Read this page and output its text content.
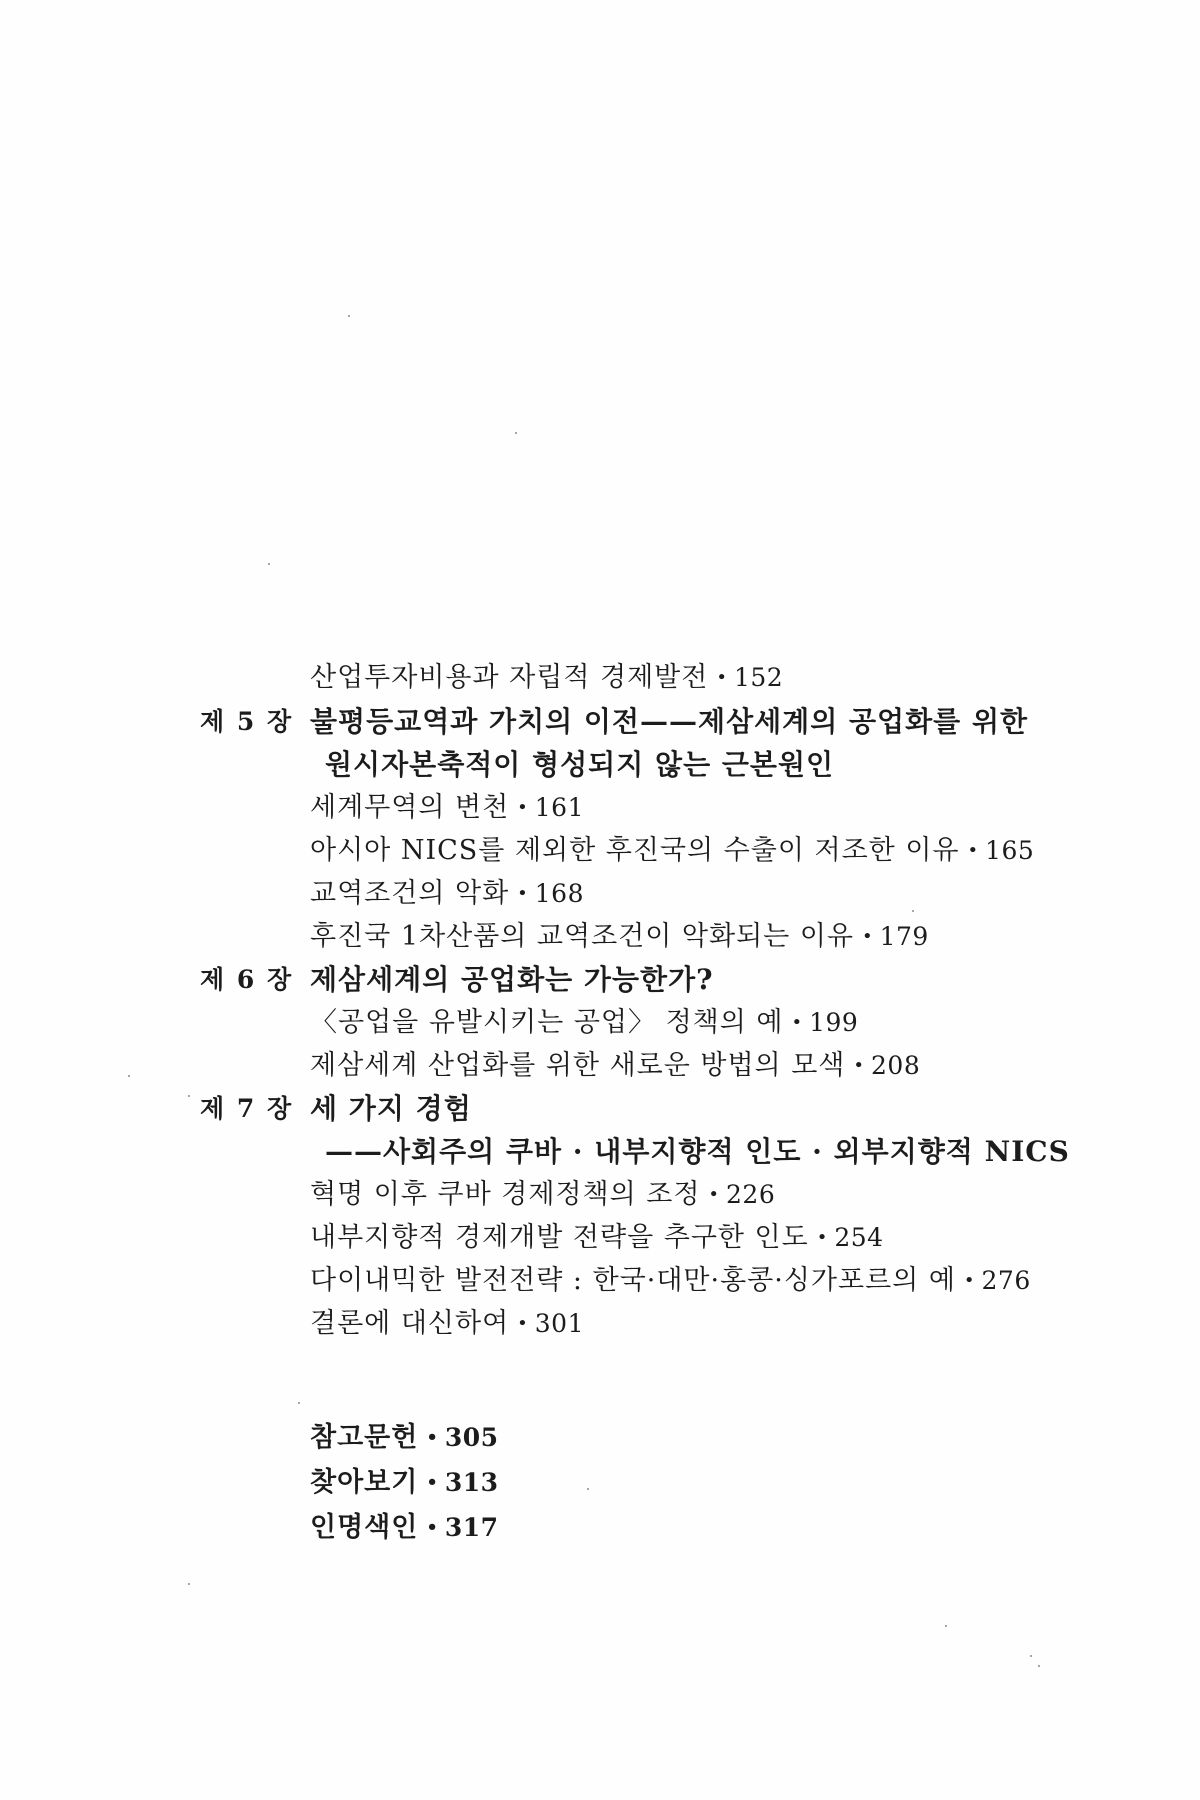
산업투자비용과 자립적 경제발전 • 152
제 5 장 불평등교역과 가치의 이전——제삼세계의 공업화를 위한
원시자본축적이 형성되지 않는 근본원인
세계무역의 변천 • 161
아시아 NICS를 제외한 후진국의 수출이 저조한 이유 • 165
교역조건의 악화 • 168
후진국 1차산품의 교역조건이 악화되는 이유 • 179
제 6 장 제삼세계의 공업화는 가능한가?
〈공업을 유발시키는 공업〉 정책의 예 • 199
제삼세계 산업화를 위한 새로운 방법의 모색 • 208
제 7 장 세 가지 경험
——사회주의 쿠바 · 내부지향적 인도 · 외부지향적 NICS
혁명 이후 쿠바 경제정책의 조정 • 226
내부지향적 경제개발 전략을 추구한 인도 • 254
다이내믹한 발전전략 : 한국·대만·홍콩·싱가포르의 예 • 276
결론에 대신하여 • 301
참고문헌 • 305
찾아보기 • 313
인명색인 • 317
